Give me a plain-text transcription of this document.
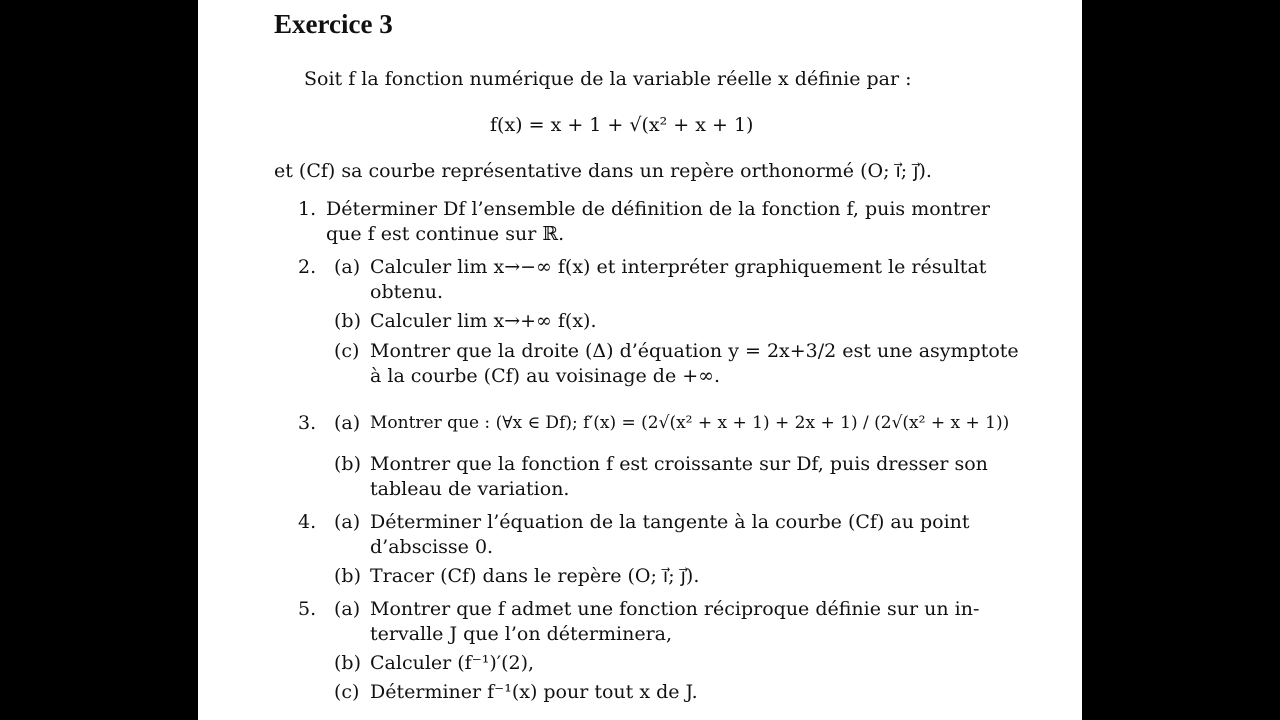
Exercice 3
Soit f la fonction numérique de la variable réelle x définie par :
f(x) = x + 1 + √(x² + x + 1)
et (Cf) sa courbe représentative dans un repère orthonormé (O; i⃗; j⃗).
1. Déterminer Df l’ensemble de définition de la fonction f, puis montrer
que f est continue sur ℝ.
2. (a) Calculer lim x→−∞ f(x) et interpréter graphiquement le résultat
obtenu.
(b) Calculer lim x→+∞ f(x).
(c) Montrer que la droite (Δ) d’équation y = 2x+3/2 est une asymptote
à la courbe (Cf) au voisinage de +∞.
3. (a) Montrer que : (∀x ∈ Df); f′(x) = (2√(x² + x + 1) + 2x + 1) / (2√(x² + x + 1))
(b) Montrer que la fonction f est croissante sur Df, puis dresser son
tableau de variation.
4. (a) Déterminer l’équation de la tangente à la courbe (Cf) au point
d’abscisse 0.
(b) Tracer (Cf) dans le repère (O; i⃗; j⃗).
5. (a) Montrer que f admet une fonction réciproque définie sur un in-
tervalle J que l’on déterminera,
(b) Calculer (f⁻¹)′(2),
(c) Déterminer f⁻¹(x) pour tout x de J.
